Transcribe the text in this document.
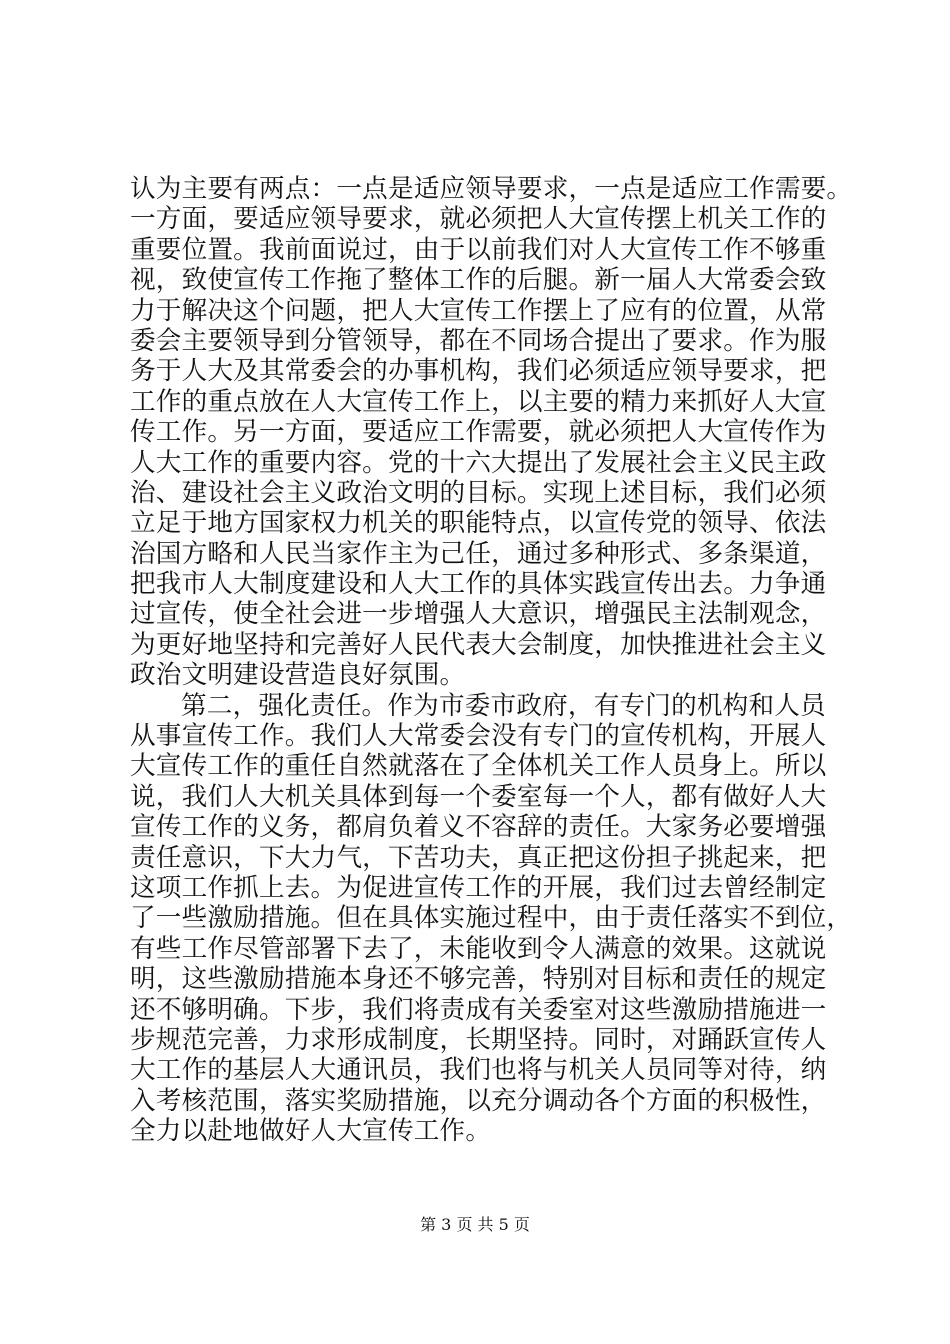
认为主要有两点：一点是适应领导要求，一点是适应工作需要。
一方面，要适应领导要求，就必须把人大宣传摆上机关工作的
重要位置。我前面说过，由于以前我们对人大宣传工作不够重
视，致使宣传工作拖了整体工作的后腿。新一届人大常委会致
力于解决这个问题，把人大宣传工作摆上了应有的位置，从常
委会主要领导到分管领导，都在不同场合提出了要求。作为服
务于人大及其常委会的办事机构，我们必须适应领导要求，把
工作的重点放在人大宣传工作上，以主要的精力来抓好人大宣
传工作。另一方面，要适应工作需要，就必须把人大宣传作为
人大工作的重要内容。党的十六大提出了发展社会主义民主政
治、建设社会主义政治文明的目标。实现上述目标，我们必须
立足于地方国家权力机关的职能特点，以宣传党的领导、依法
治国方略和人民当家作主为己任，通过多种形式、多条渠道，
把我市人大制度建设和人大工作的具体实践宣传出去。力争通
过宣传，使全社会进一步增强人大意识，增强民主法制观念，
为更好地坚持和完善好人民代表大会制度，加快推进社会主义
政治文明建设营造良好氛围。
第二，强化责任。作为市委市政府，有专门的机构和人员
从事宣传工作。我们人大常委会没有专门的宣传机构，开展人
大宣传工作的重任自然就落在了全体机关工作人员身上。所以
说，我们人大机关具体到每一个委室每一个人，都有做好人大
宣传工作的义务，都肩负着义不容辞的责任。大家务必要增强
责任意识，下大力气，下苦功夫，真正把这份担子挑起来，把
这项工作抓上去。为促进宣传工作的开展，我们过去曾经制定
了一些激励措施。但在具体实施过程中，由于责任落实不到位，
有些工作尽管部署下去了，未能收到令人满意的效果。这就说
明，这些激励措施本身还不够完善，特别对目标和责任的规定
还不够明确。下步，我们将责成有关委室对这些激励措施进一
步规范完善，力求形成制度，长期坚持。同时，对踊跃宣传人
大工作的基层人大通讯员，我们也将与机关人员同等对待，纳
入考核范围，落实奖励措施，以充分调动各个方面的积极性，
全力以赴地做好人大宣传工作。
第 3 页 共 5 页
